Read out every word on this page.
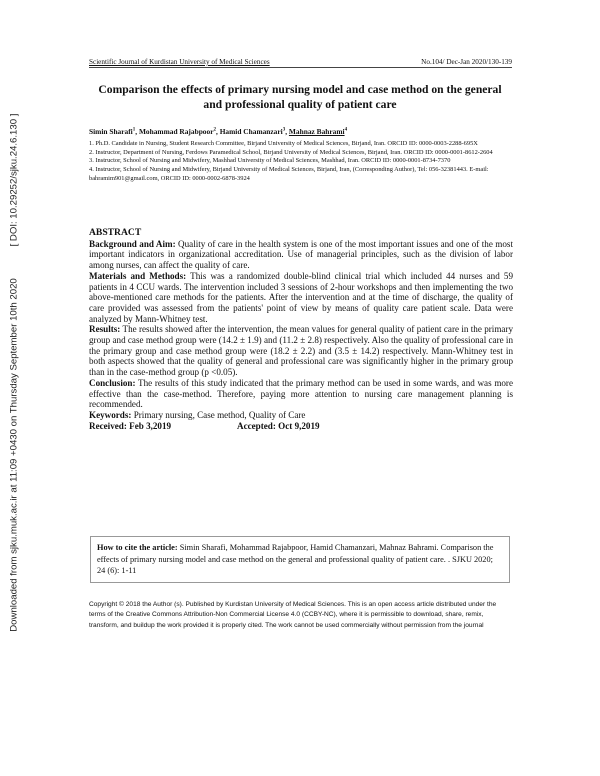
[ DOI: 10.29252/sjku.24.6.130 ]
Downloaded from sjku.muk.ac.ir at 11:09 +0430 on Thursday September 10th 2020
Scientific Journal of Kurdistan University of Medical Sciences	No.104/ Dec-Jan 2020/130-139
Comparison the effects of primary nursing model and case method on the general and professional quality of patient care
Simin Sharafi$^1$, Mohammad Rajabpoor$^2$, Hamid Chamanzari$^3$, Mahnaz Bahrami$^4$

1. Ph.D. Candidate in Nursing, Student Research Committee, Birjand University of Medical Sciences, Birjand, Iran. ORCID ID: 0000-0003-2288-695X

2. Instructor, Department of Nursing, Ferdows Paramedical School, Birjand University of Medical Sciences, Birjand, Iran. ORCID ID: 0000-0001-8612-2604

3. Instructor, School of Nursing and Midwifery, Mashhad University of Medical Sciences, Mashhad, Iran. ORCID ID: 0000-0001-8734-7370

4. Instructor, School of Nursing and Midwifery, Birjand University of Medical Sciences, Birjand, Iran, (Corresponding Author), Tel: 056-32381443. E-mail: bahramim901@gmail.com, ORCID ID: 0000-0002-6878-3924

ABSTRACT

Background and Aim: Quality of care in the health system is one of the most important issues and one of the most important indicators in organizational accreditation. Use of managerial principles, such as the division of labor among nurses, can affect the quality of care.

Materials and Methods: This was a randomized double-blind clinical trial which included 44 nurses and 59 patients in 4 CCU wards. The intervention included 3 sessions of 2-hour workshops and then implementing the two above-mentioned care methods for the patients. After the intervention and at the time of discharge, the quality of care provided was assessed from the patients' point of view by means of quality care patient scale. Data were analyzed by Mann-Whitney test.

Results: The results showed after the intervention, the mean values for general quality of patient care in the primary group and case method group were (14.2 ± 1.9) and (11.2 ± 2.8) respectively. Also the quality of professional care in the primary group and case method group were (18.2 ± 2.2) and (3.5 ± 14.2) respectively. Mann-Whitney test in both aspects showed that the quality of general and professional care was significantly higher in the primary group than in the case-method group (p <0.05).

Conclusion: The results of this study indicated that the primary method can be used in some wards, and was more effective than the case-method. Therefore, paying more attention to nursing care management planning is recommended.

Keywords: Primary nursing, Case method, Quality of Care

Received: Feb 3,2019	Accepted: Oct 9,2019

How to cite the article: Simin Sharafi, Mohammad Rajabpoor, Hamid Chamanzari, Mahnaz Bahrami. Comparison the effects of primary nursing model and case method on the general and professional quality of patient care. . SJKU 2020; 24 (6): 1-11
Copyright © 2018 the Author (s). Published by Kurdistan University of Medical Sciences. This is an open access article distributed under the terms of the Creative Commons Attribution-Non Commercial License 4.0 (CCBY-NC), where it is permissible to download, share, remix, transform, and buildup the work provided it is properly cited. The work cannot be used commercially without permission from the journal
